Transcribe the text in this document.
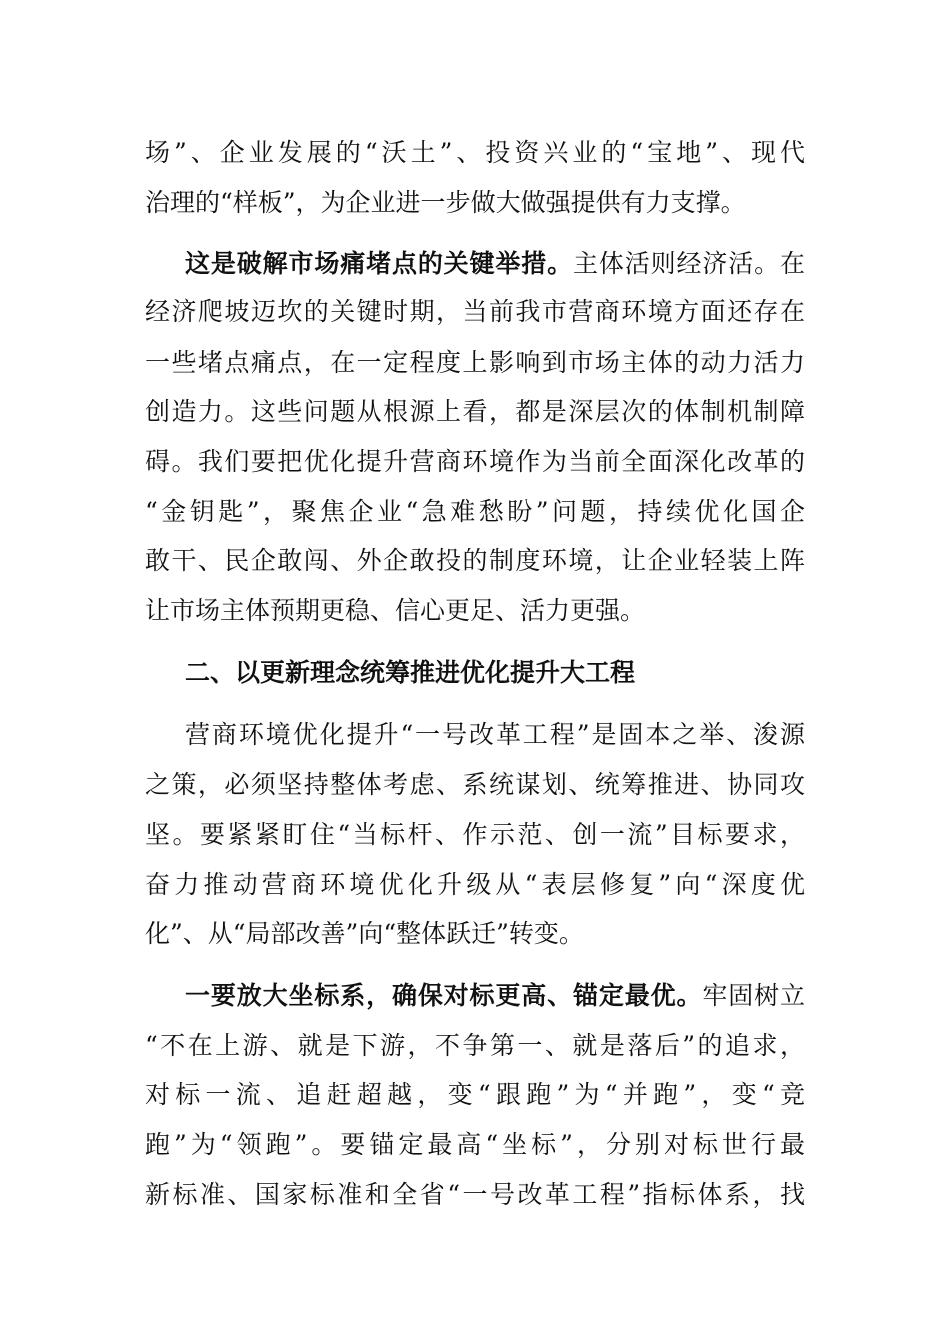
场”、企业发展的“沃土”、投资兴业的“宝地”、现代
治理的“样板”，为企业进一步做大做强提供有力支撑。
这是破解市场痛堵点的关键举措。主体活则经济活。在
经济爬坡迈坎的关键时期，当前我市营商环境方面还存在
一些堵点痛点，在一定程度上影响到市场主体的动力活力
创造力。这些问题从根源上看，都是深层次的体制机制障
碍。我们要把优化提升营商环境作为当前全面深化改革的
“金钥匙”，聚焦企业“急难愁盼”问题，持续优化国企
敢干、民企敢闯、外企敢投的制度环境，让企业轻装上阵
让市场主体预期更稳、信心更足、活力更强。
二、以更新理念统筹推进优化提升大工程
营商环境优化提升“一号改革工程”是固本之举、浚源
之策，必须坚持整体考虑、系统谋划、统筹推进、协同攻
坚。要紧紧盯住“当标杆、作示范、创一流”目标要求，
奋力推动营商环境优化升级从“表层修复”向“深度优
化”、从“局部改善”向“整体跃迁”转变。
一要放大坐标系，确保对标更高、锚定最优。牢固树立
“不在上游、就是下游，不争第一、就是落后”的追求，
对标一流、追赶超越，变“跟跑”为“并跑”，变“竞
跑”为“领跑”。要锚定最高“坐标”，分别对标世行最
新标准、国家标准和全省“一号改革工程”指标体系，找
